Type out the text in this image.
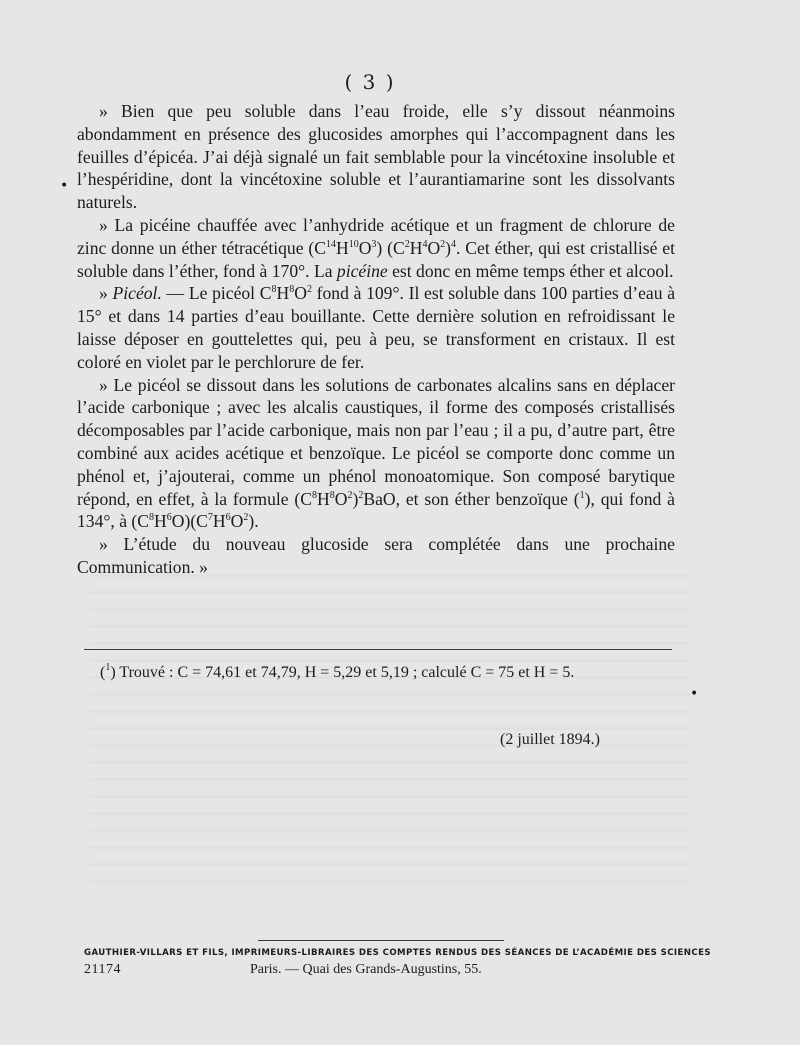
( 3 )

» Bien que peu soluble dans l’eau froide, elle s’y dissout néanmoins abondamment en présence des glucosides amorphes qui l’accompagnent dans les feuilles d’épicéa. J’ai déjà signalé un fait semblable pour la vincétoxine insoluble et l’hespéridine, dont la vincétoxine soluble et l’aurantiamarine sont les dissolvants naturels.

» La picéine chauffée avec l’anhydride acétique et un fragment de chlorure de zinc donne un éther tétracétique $(C^{14}H^{10}O^3)$ $(C^2H^4O^2)^4$. Cet éther, qui est cristallisé et soluble dans l’éther, fond à 170°. La picéine est donc en même temps éther et alcool.

» Picéol. — Le picéol $C^8H^8O^2$ fond à 109°. Il est soluble dans 100 parties d’eau à 15° et dans 14 parties d’eau bouillante. Cette dernière solution en refroidissant le laisse déposer en gouttelettes qui, peu à peu, se transforment en cristaux. Il est coloré en violet par le perchlorure de fer.

» Le picéol se dissout dans les solutions de carbonates alcalins sans en déplacer l’acide carbonique ; avec les alcalis caustiques, il forme des composés cristallisés décomposables par l’acide carbonique, mais non par l’eau ; il a pu, d’autre part, être combiné aux acides acétique et benzoïque. Le picéol se comporte donc comme un phénol et, j’ajouterai, comme un phénol monoatomique. Son composé barytique répond, en effet, à la formule $(C^8H^8O^2)^2BaO$, et son éther benzoïque ($^1$), qui fond à 134°, à $(C^8H^6O)(C^7H^6O^2)$.

» L’étude du nouveau glucoside sera complétée dans une prochaine Communication. »

($^1$) Trouvé : C = 74,61 et 74,79, H = 5,29 et 5,19 ; calculé C = 75 et H = 5.
(2 juillet 1894.)
GAUTHIER-VILLARS ET FILS, IMPRIMEURS-LIBRAIRES DES COMPTES RENDUS DES SÉANCES DE L’ACADÉMIE DES SCIENCES
21174	Paris. — Quai des Grands-Augustins, 55.
•
•
